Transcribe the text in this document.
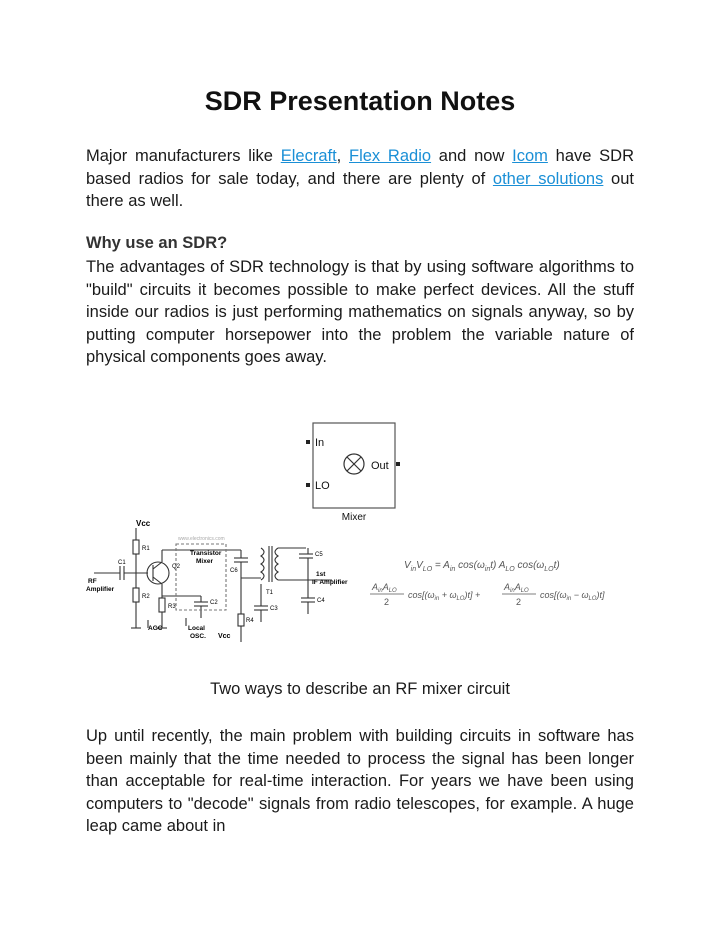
SDR Presentation Notes

Major manufacturers like Elecraft, Flex Radio and now Icom have SDR based radios for sale today, and there are plenty of other solutions out there as well.

Why use an SDR?

The advantages of SDR technology is that by using software algorithms to "build" circuits it becomes possible to make perfect devices. All the stuff inside our radios is just performing mathematics on signals anyway, so by putting computer horsepower into the problem the variable nature of physical components goes away.

Up until recently, the main problem with building circuits in software has been mainly that the time needed to process the signal has been longer than acceptable for real-time interaction. For years we have been using computers to "decode" signals from radio telescopes, for example. A huge leap came about in

In
LO
Out
Mixer
Vcc
R1
R2
R3
R4
C1
C2
C3
C4
C5
C6
Q2
T1
RF
Amplifier
Transistor
Mixer
1st
IF Amplifier
AGC	Local
OSC. Vcc
www.electronics.com
$V_{in}V_{LO} = A_{in}$ $\cos(\omega_{in}t)$ $A_{LO}$ $\cos(\omega_{LO}t)$
$A_{in}A_{LO}$
2
$\cos[(\omega_{in} + \omega_{LO})t]$ +
$A_{in}A_{LO}$
2
$\cos[(\omega_{in} - \omega_{LO})t]$
Two ways to describe an RF mixer circuit
